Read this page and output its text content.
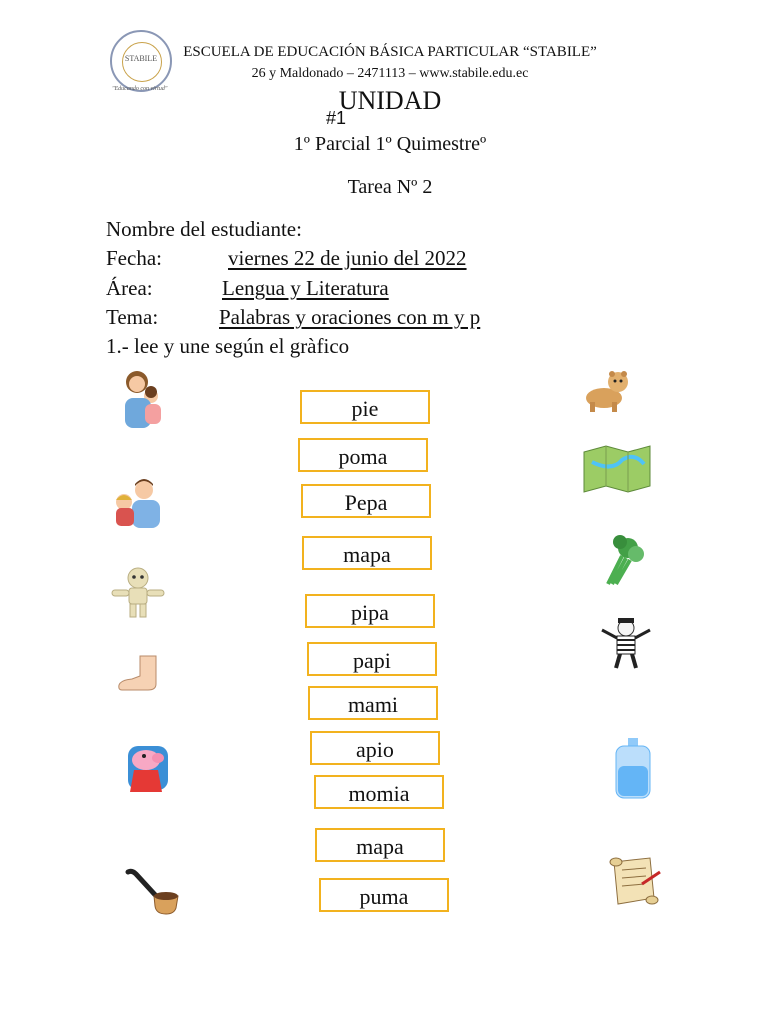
STABILE
"Educando con virtud"
ESCUELA DE EDUCACIÓN BÁSICA PARTICULAR “STABILE”
26 y Maldonado – 2471113 – www.stabile.edu.ec
UNIDAD
#1
1º Parcial 1º Quimestreº
Tarea Nº 2
Nombre del estudiante:
Fecha:	viernes 22 de junio del 2022
Área:	Lengua y Literatura
Tema:	Palabras y oraciones con m y p
1.- lee y une según el gràfico
pie
poma
Pepa
mapa
pipa
papi
mami
apio
momia
mapa
puma
